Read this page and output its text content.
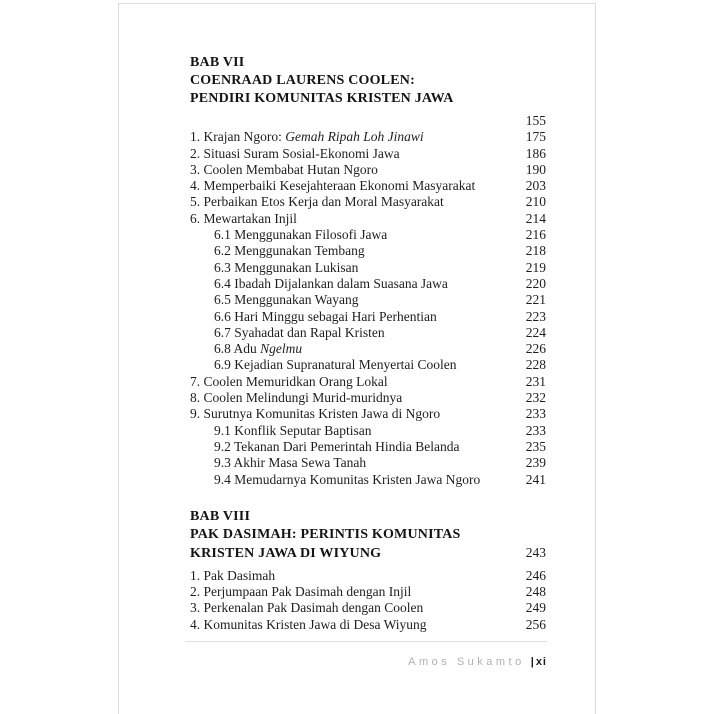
BAB VII
COENRAAD LAURENS COOLEN:
PENDIRI KOMUNITAS KRISTEN JAWA
155
1. Krajan Ngoro: Gemah Ripah Loh Jinawi	175
2. Situasi Suram Sosial-Ekonomi Jawa	186
3. Coolen Membabat Hutan Ngoro	190
4. Memperbaiki Kesejahteraan Ekonomi Masyarakat	203
5. Perbaikan Etos Kerja dan Moral Masyarakat	210
6. Mewartakan Injil	214
6.1 Menggunakan Filosofi Jawa	216
6.2 Menggunakan Tembang	218
6.3 Menggunakan Lukisan	219
6.4 Ibadah Dijalankan dalam Suasana Jawa	220
6.5 Menggunakan Wayang	221
6.6 Hari Minggu sebagai Hari Perhentian	223
6.7 Syahadat dan Rapal Kristen	224
6.8 Adu Ngelmu	226
6.9 Kejadian Supranatural Menyertai Coolen	228
7. Coolen Memuridkan Orang Lokal	231
8. Coolen Melindungi Murid-muridnya	232
9. Surutnya Komunitas Kristen Jawa di Ngoro	233
9.1 Konflik Seputar Baptisan	233
9.2 Tekanan Dari Pemerintah Hindia Belanda	235
9.3 Akhir Masa Sewa Tanah	239
9.4 Memudarnya Komunitas Kristen Jawa Ngoro	241
BAB VIII
PAK DASIMAH: PERINTIS KOMUNITAS
KRISTEN JAWA DI WIYUNG	243
1. Pak Dasimah	246
2. Perjumpaan Pak Dasimah dengan Injil	248
3. Perkenalan Pak Dasimah dengan Coolen	249
4. Komunitas Kristen Jawa di Desa Wiyung	256
Amos Sukamto | xi
